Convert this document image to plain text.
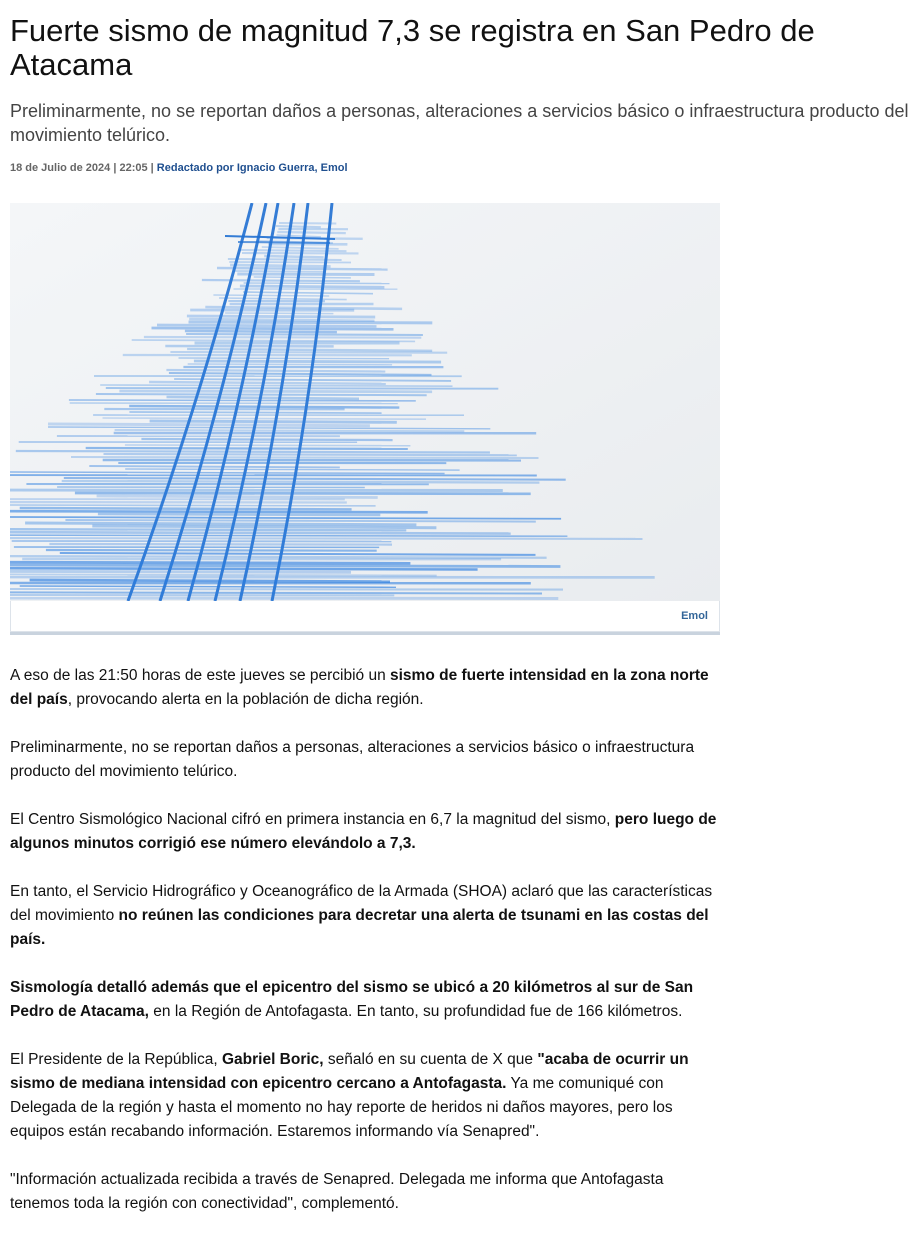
Fuerte sismo de magnitud 7,3 se registra en San Pedro de Atacama

Preliminarmente, no se reportan daños a personas, alteraciones a servicios básico o infraestructura producto del movimiento telúrico.

18 de Julio de 2024 | 22:05 | Redactado por Ignacio Guerra, Emol
Emol

A eso de las 21:50 horas de este jueves se percibió un sismo de fuerte intensidad en la zona norte del país, provocando alerta en la población de dicha región.

Preliminarmente, no se reportan daños a personas, alteraciones a servicios básico o infraestructura producto del movimiento telúrico.

El Centro Sismológico Nacional cifró en primera instancia en 6,7 la magnitud del sismo, pero luego de algunos minutos corrigió ese número elevándolo a 7,3.

En tanto, el Servicio Hidrográfico y Oceanográfico de la Armada (SHOA) aclaró que las características del movimiento no reúnen las condiciones para decretar una alerta de tsunami en las costas del país.

Sismología detalló además que el epicentro del sismo se ubicó a 20 kilómetros al sur de San Pedro de Atacama, en la Región de Antofagasta. En tanto, su profundidad fue de 166 kilómetros.

El Presidente de la República, Gabriel Boric, señaló en su cuenta de X que "acaba de ocurrir un sismo de mediana intensidad con epicentro cercano a Antofagasta. Ya me comuniqué con Delegada de la región y hasta el momento no hay reporte de heridos ni daños mayores, pero los equipos están recabando información. Estaremos informando vía Senapred".

"Información actualizada recibida a través de Senapred. Delegada me informa que Antofagasta tenemos toda la región con conectividad", complementó.
